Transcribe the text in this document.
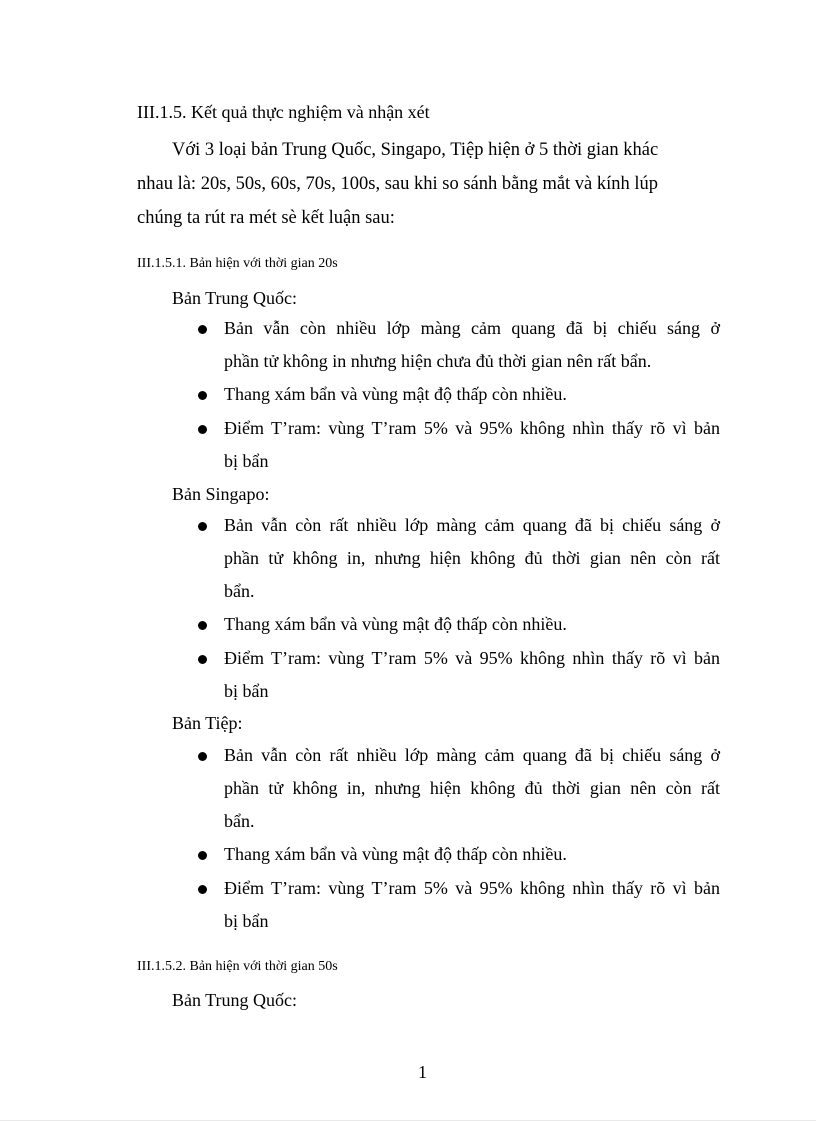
III.1.5. Kết quả thực nghiệm và nhận xét
Với 3 loại bản Trung Quốc, Singapo, Tiệp hiện ở 5 thời gian khác
nhau là: 20s, 50s, 60s, 70s, 100s, sau khi so sánh bằng mắt và kính lúp
chúng ta rút ra mét sè kết luận sau:
III.1.5.1. Bản hiện với thời gian 20s
Bản Trung Quốc:
Bản vẫn còn nhiều lớp màng cảm quang đã bị chiếu sáng ở
phần tử không in nhưng hiện chưa đủ thời gian nên rất bẩn.
Thang xám bẩn và vùng mật độ thấp còn nhiều.
Điểm T’ram: vùng T’ram 5% và 95% không nhìn thấy rõ vì bản
bị bẩn
Bản Singapo:
Bản vẫn còn rất nhiều lớp màng cảm quang đã bị chiếu sáng ở
phần tử không in, nhưng hiện không đủ thời gian nên còn rất
bẩn.
Thang xám bẩn và vùng mật độ thấp còn nhiều.
Điểm T’ram: vùng T’ram 5% và 95% không nhìn thấy rõ vì bản
bị bẩn
Bản Tiệp:
Bản vẫn còn rất nhiều lớp màng cảm quang đã bị chiếu sáng ở
phần tử không in, nhưng hiện không đủ thời gian nên còn rất
bẩn.
Thang xám bẩn và vùng mật độ thấp còn nhiều.
Điểm T’ram: vùng T’ram 5% và 95% không nhìn thấy rõ vì bản
bị bẩn
III.1.5.2. Bản hiện với thời gian 50s
Bản Trung Quốc:
1
